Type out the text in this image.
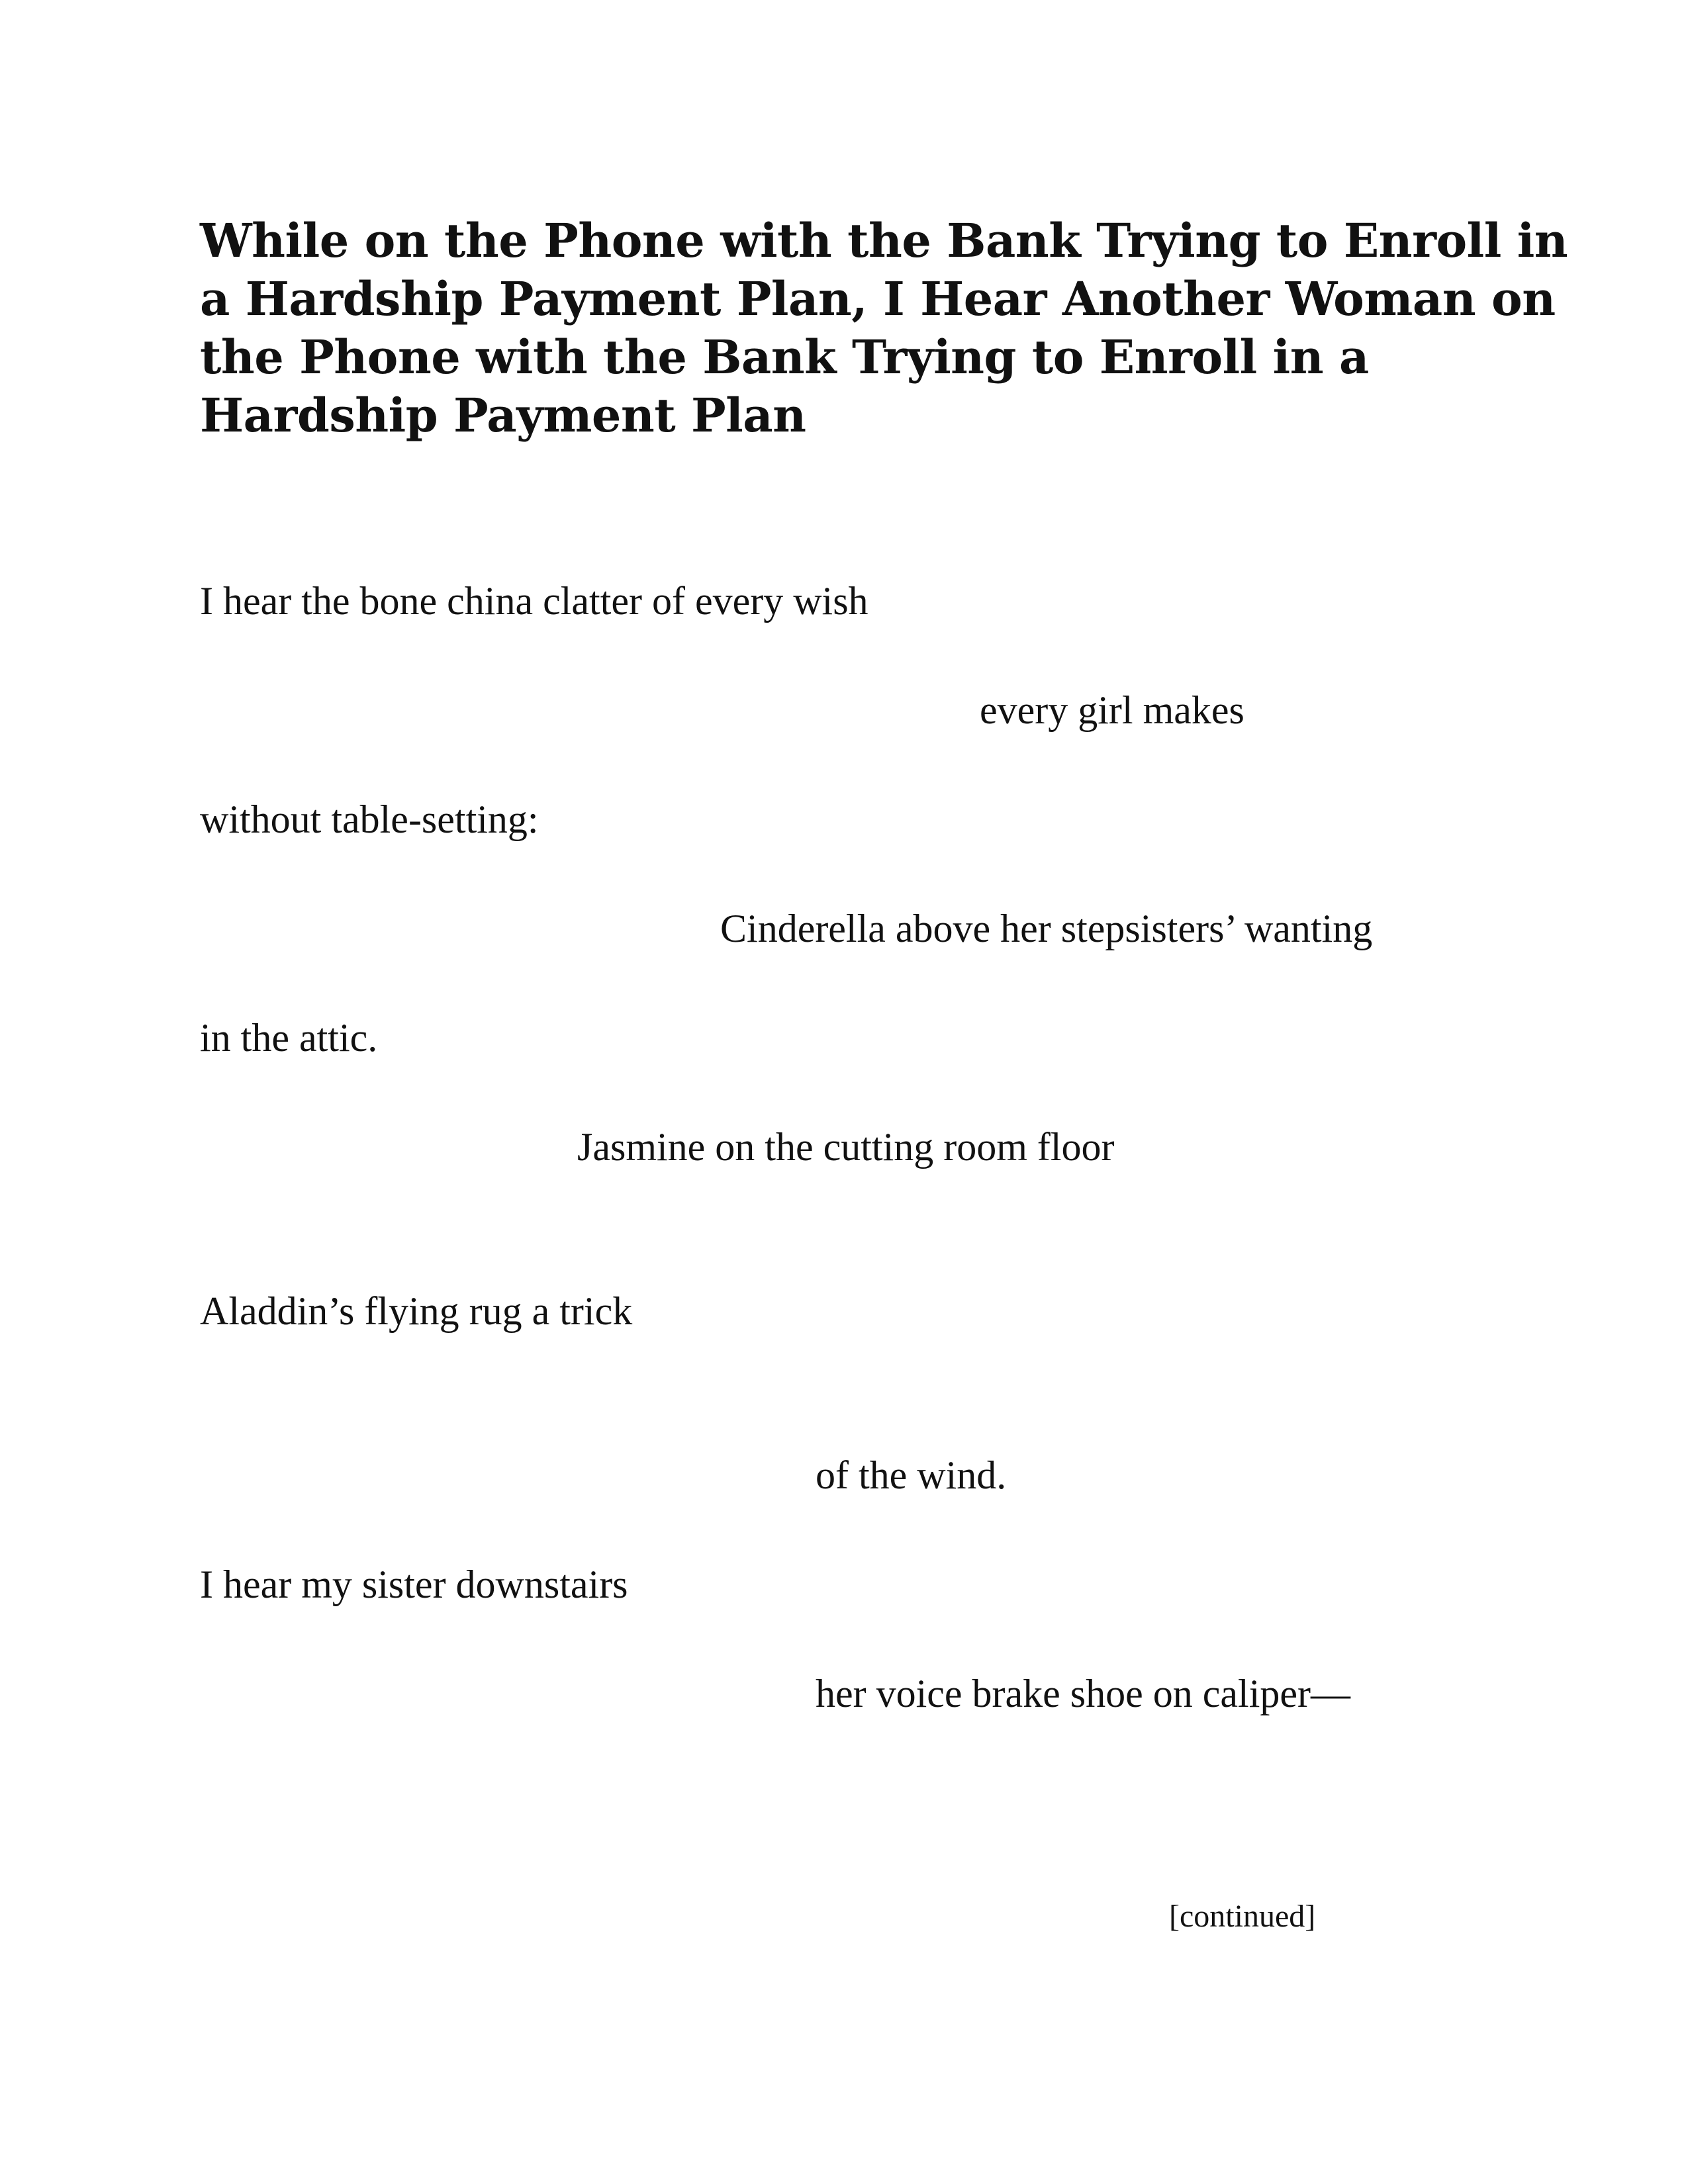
While on the Phone with the Bank Trying to Enroll in a Hardship Payment Plan, I Hear Another Woman on the Phone with the Bank Trying to Enroll in a Hardship Payment Plan
I hear the bone china clatter of every wish
every girl makes
without table-setting:
Cinderella above her stepsisters’ wanting
in the attic.
Jasmine on the cutting room floor
Aladdin’s flying rug a trick
of the wind.
I hear my sister downstairs
her voice brake shoe on caliper—
[continued]
